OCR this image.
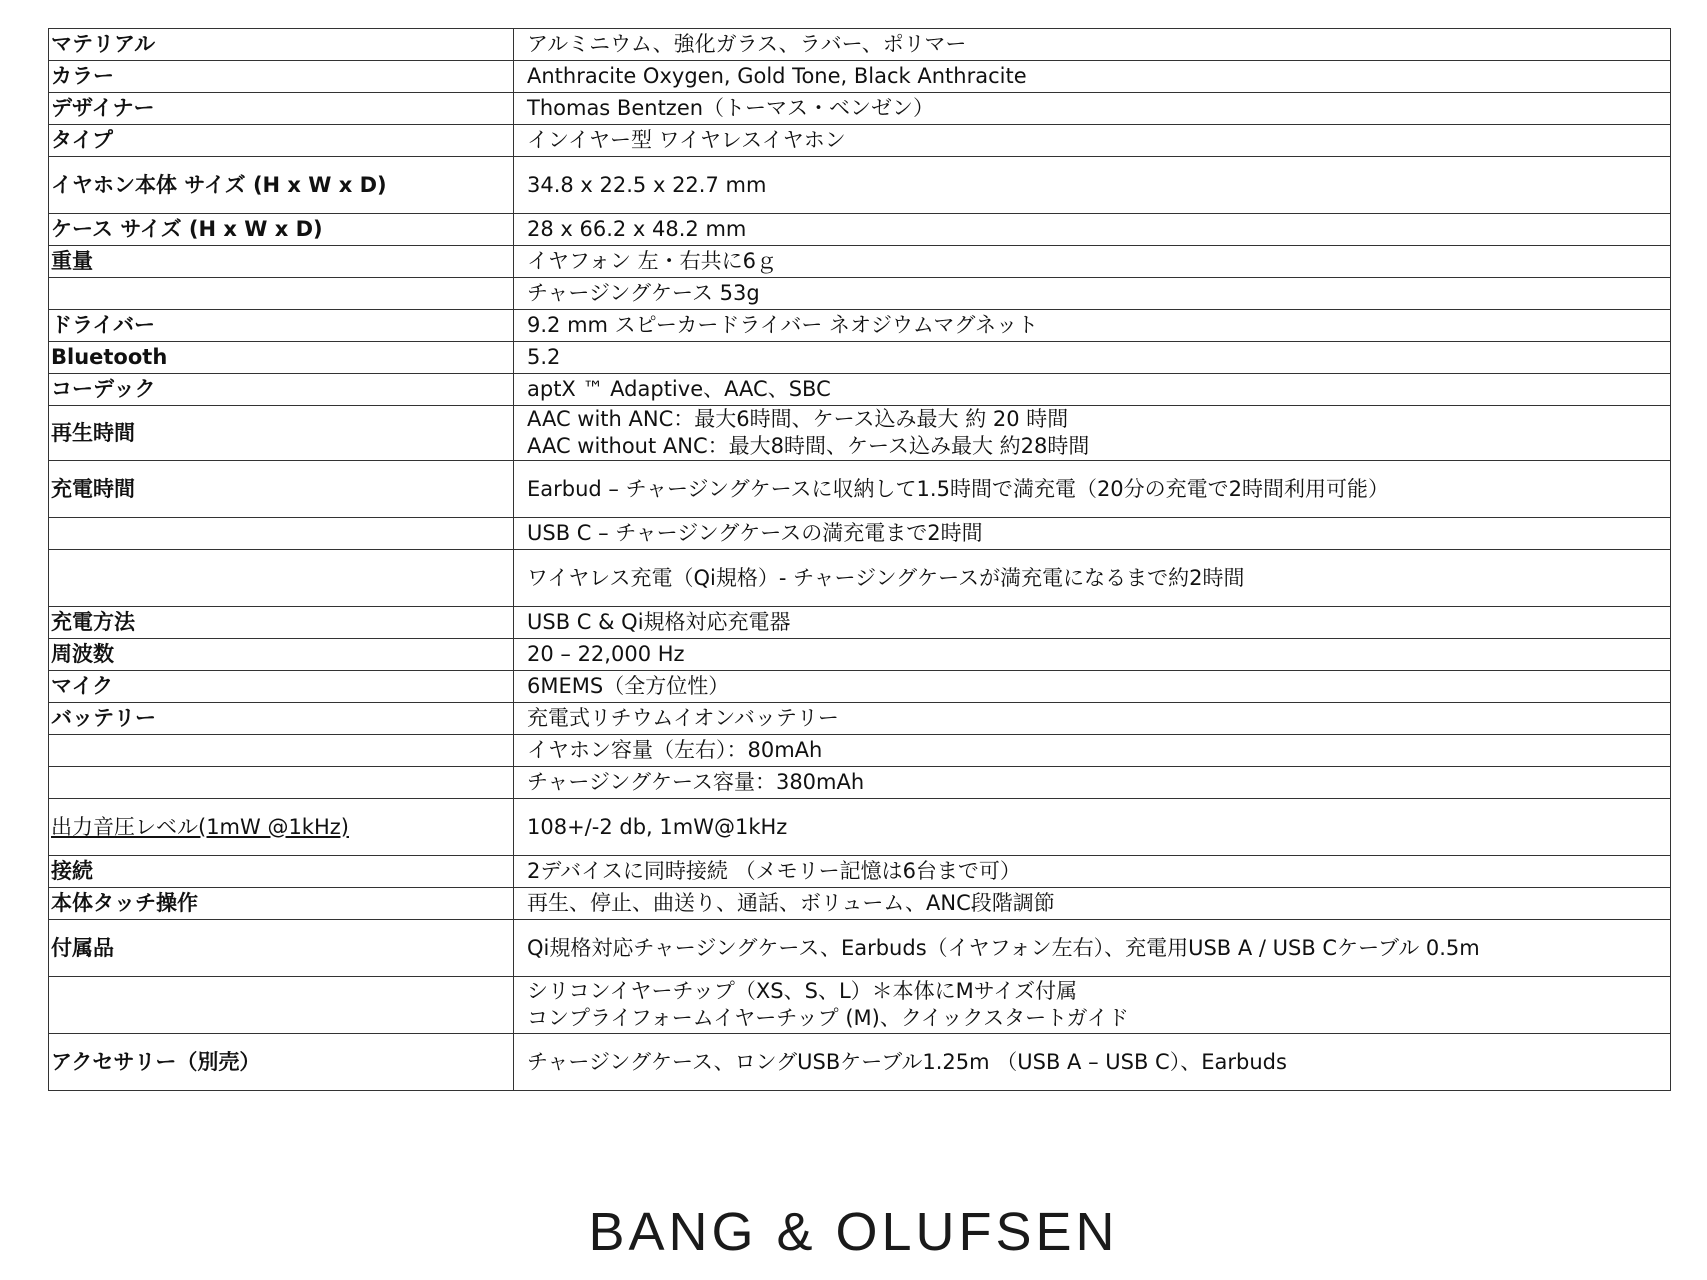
マテリアル	アルミニウム、強化ガラス、ラバー、ポリマー

カラー	Anthracite Oxygen, Gold Tone, Black Anthracite

デザイナー	Thomas Bentzen（トーマス・ベンゼン）

タイプ	インイヤー型 ワイヤレスイヤホン

イヤホン本体 サイズ (H x W x D)	34.8 x 22.5 x 22.7 mm

ケース サイズ (H x W x D)	28 x 66.2 x 48.2 mm

重量	イヤフォン 左・右共に6ｇ

	チャージングケース 53g

ドライバー	9.2 mm スピーカードライバー ネオジウムマグネット

Bluetooth	5.2

コーデック	aptX ™ Adaptive、AAC、SBC

再生時間	AAC with ANC：最大6時間、ケース込み最大 約 20 時間
AAC without ANC：最大8時間、ケース込み最大 約28時間

充電時間	Earbud – チャージングケースに収納して1.5時間で満充電（20分の充電で2時間利用可能）

	USB C – チャージングケースの満充電まで2時間

	ワイヤレス充電（Qi規格）- チャージングケースが満充電になるまで約2時間

充電方法	USB C & Qi規格対応充電器

周波数	20 – 22,000 Hz

マイク	6MEMS（全方位性）

バッテリー	充電式リチウムイオンバッテリー

	イヤホン容量（左右）：80mAh

	チャージングケース容量：380mAh

出力音圧レベル(1mW @1kHz)	108+/-2 db, 1mW@1kHz

接続	2デバイスに同時接続 （メモリー記憶は6台まで可）

本体タッチ操作	再生、停止、曲送り、通話、ボリューム、ANC段階調節

付属品	Qi規格対応チャージングケース、Earbuds（イヤフォン左右）、充電用USB A / USB Cケーブル 0.5m

	シリコンイヤーチップ（XS、S、L）＊本体にMサイズ付属
コンプライフォームイヤーチップ (M)、クイックスタートガイド

アクセサリー（別売）	チャージングケース、ロングUSBケーブル1.25m （USB A – USB C）、Earbuds
BANG & OLUFSEN
